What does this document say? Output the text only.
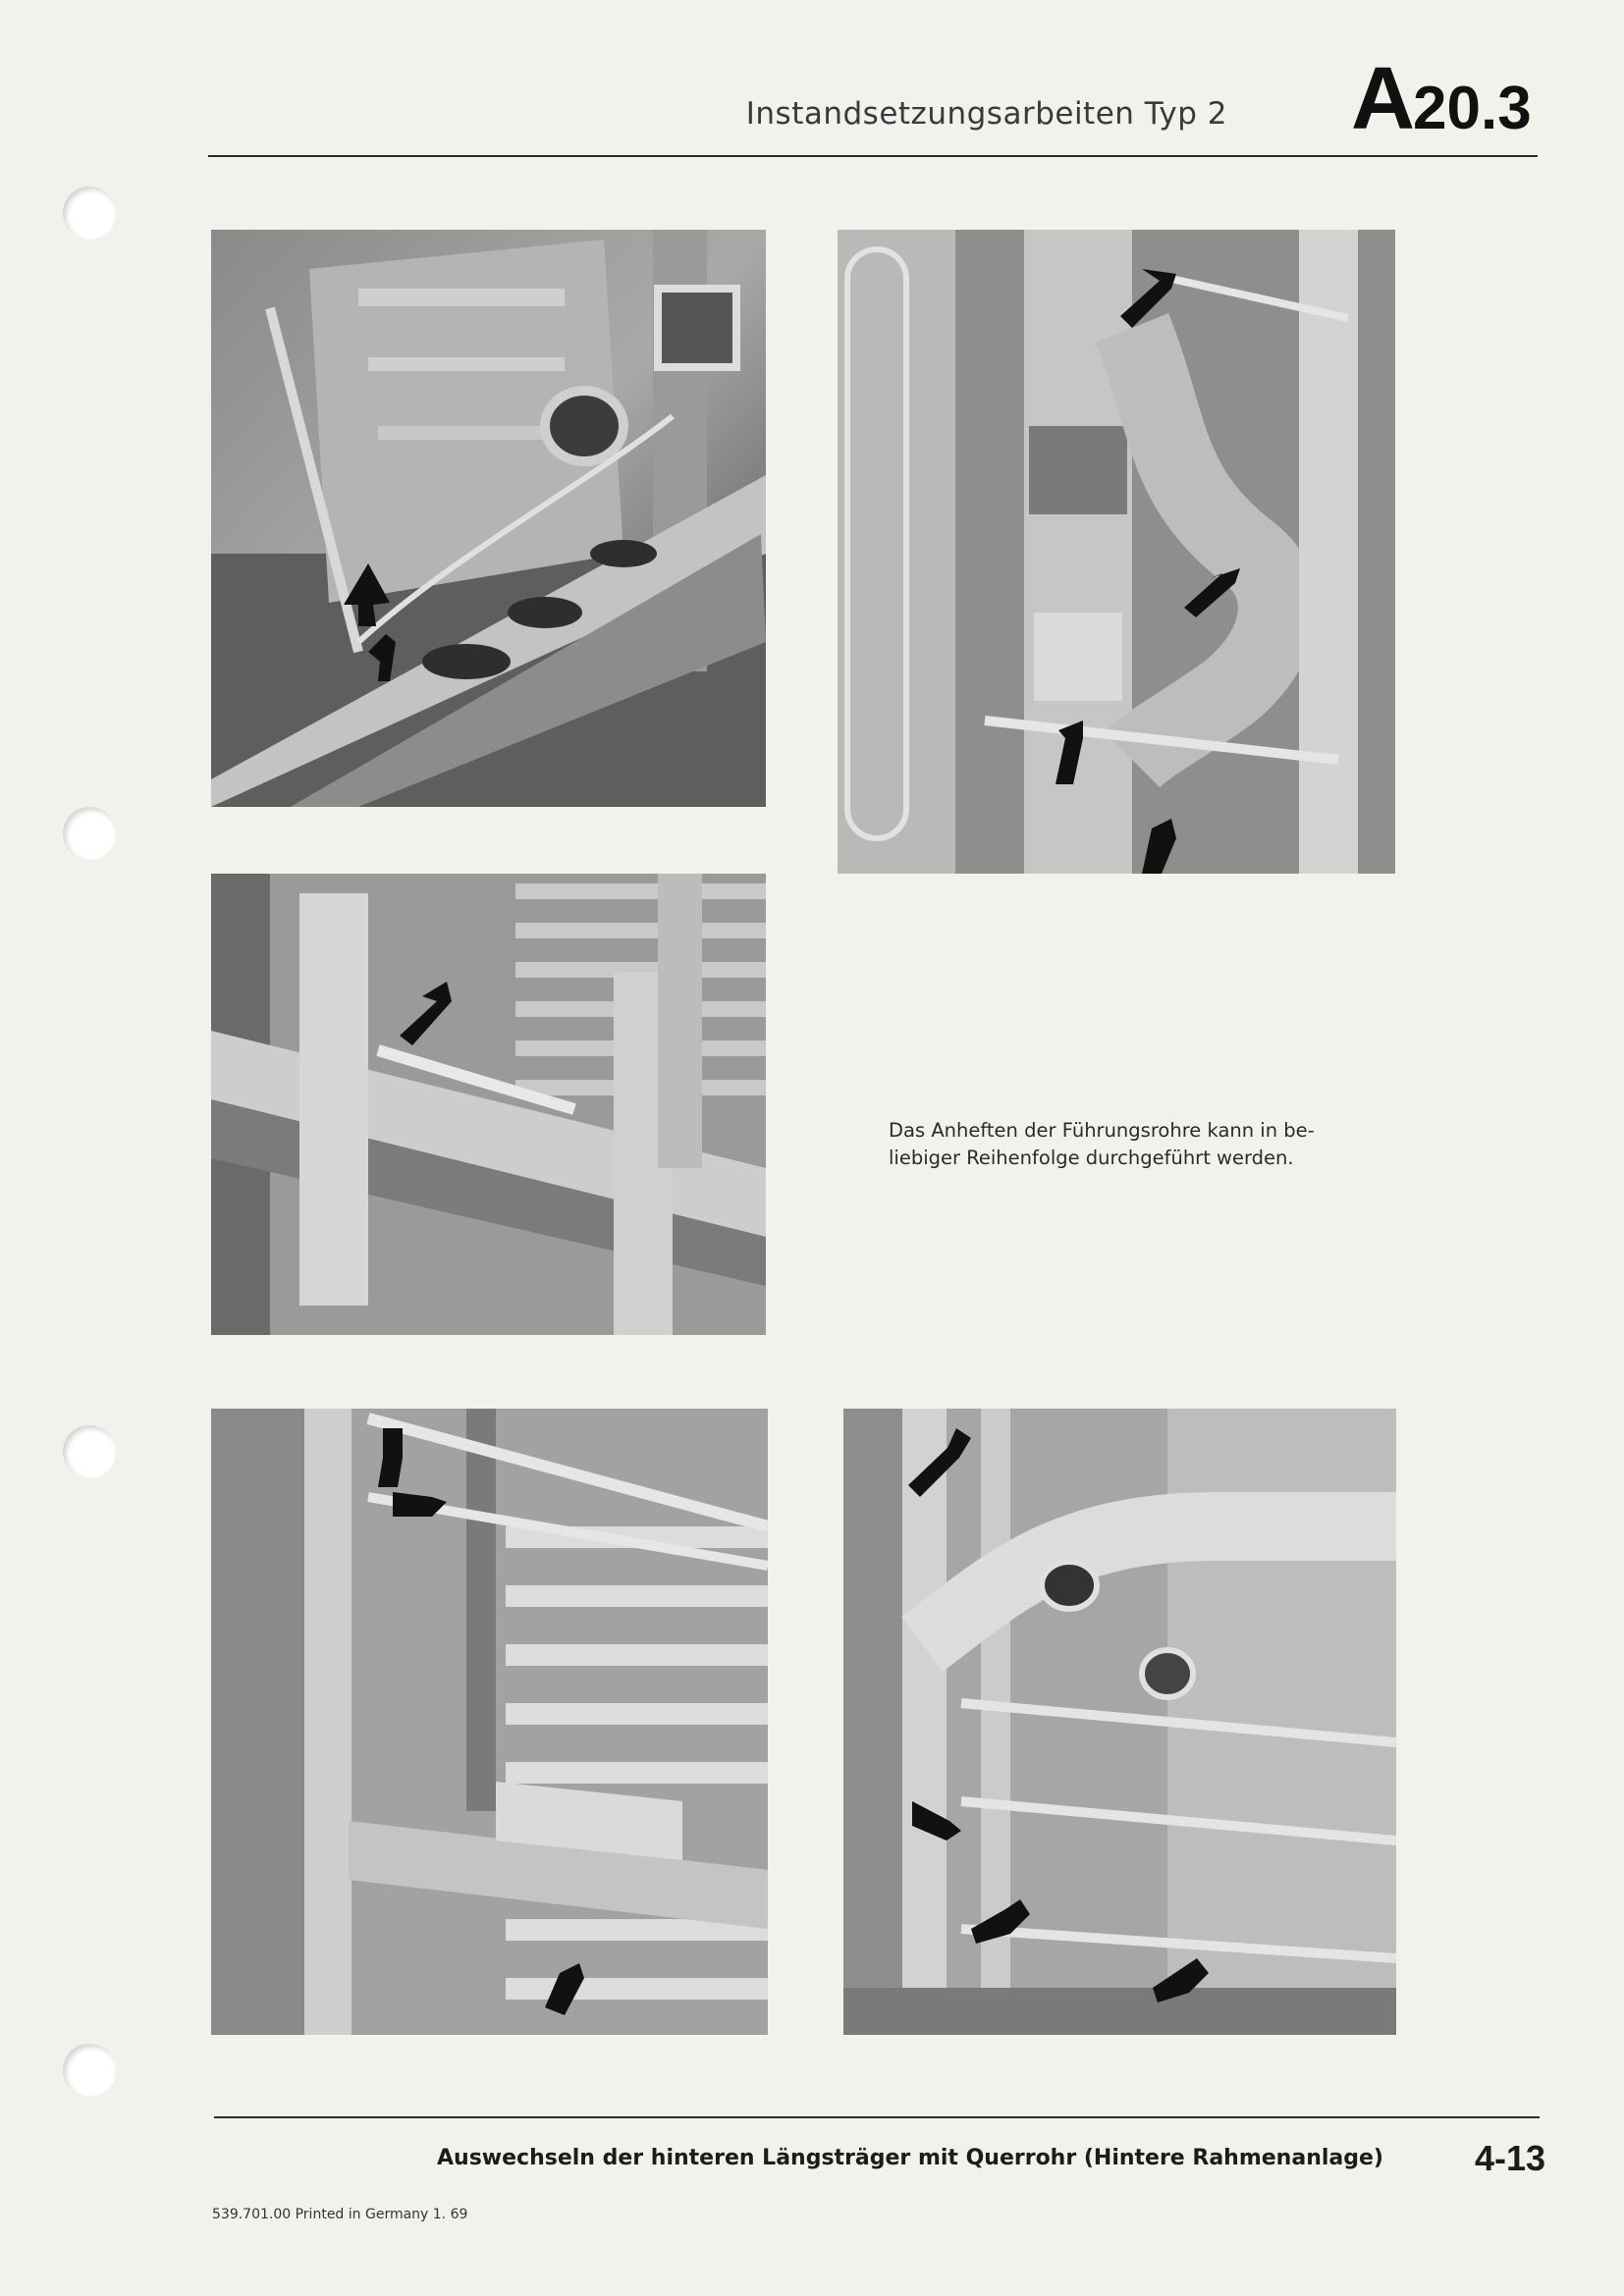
Instandsetzungsarbeiten Typ 2 A20.3

Das Anheften der Führungsrohre kann in be-
liebiger Reihenfolge durchgeführt werden.

Auswechseln der hinteren Längsträger mit Querrohr (Hintere Rahmenanlage)	4-13
539.701.00 Printed in Germany 1. 69
